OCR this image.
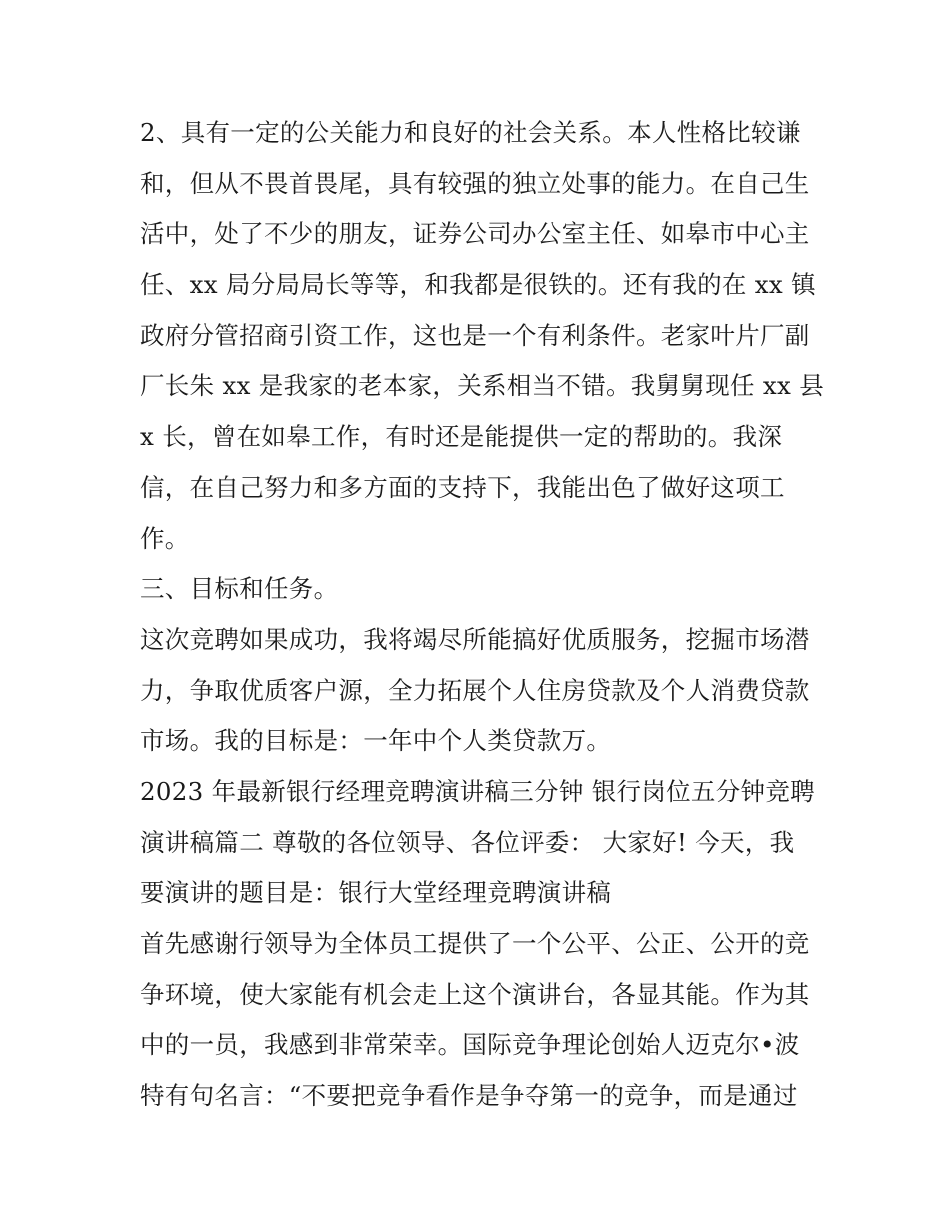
2、具有一定的公关能力和良好的社会关系。本人性格比较谦
和，但从不畏首畏尾，具有较强的独立处事的能力。在自己生
活中，处了不少的朋友，证券公司办公室主任、如皋市中心主
任、xx 局分局局长等等，和我都是很铁的。还有我的在 xx 镇
政府分管招商引资工作，这也是一个有利条件。老家叶片厂副
厂长朱 xx 是我家的老本家，关系相当不错。我舅舅现任 xx 县
x 长，曾在如皋工作，有时还是能提供一定的帮助的。我深
信，在自己努力和多方面的支持下，我能出色了做好这项工
作。
三、目标和任务。
这次竞聘如果成功，我将竭尽所能搞好优质服务，挖掘市场潜
力，争取优质客户源，全力拓展个人住房贷款及个人消费贷款
市场。我的目标是：一年中个人类贷款万。
2023 年最新银行经理竞聘演讲稿三分钟 银行岗位五分钟竞聘
演讲稿篇二 尊敬的各位领导、各位评委： 大家好! 今天，我
要演讲的题目是：银行大堂经理竞聘演讲稿
首先感谢行领导为全体员工提供了一个公平、公正、公开的竞
争环境，使大家能有机会走上这个演讲台，各显其能。作为其
中的一员，我感到非常荣幸。国际竞争理论创始人迈克尔•波
特有句名言：“不要把竞争看作是争夺第一的竞争，而是通过
